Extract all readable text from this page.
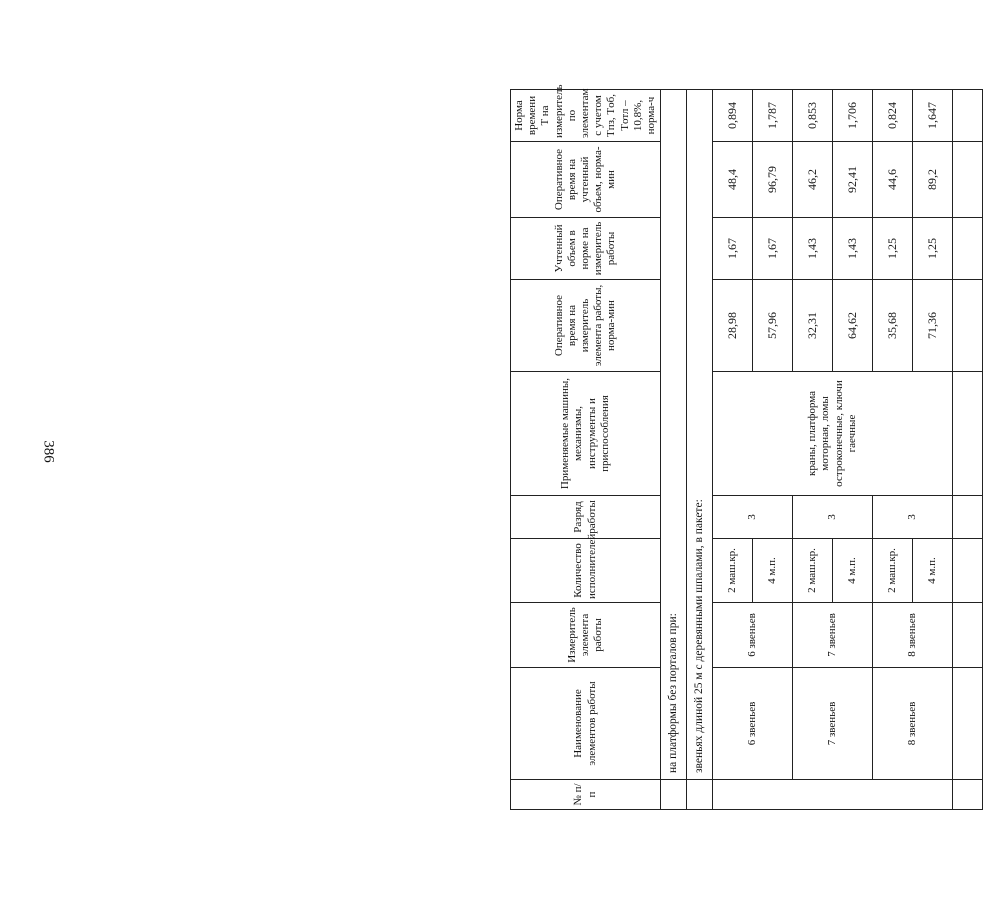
386
№ п/п	Наименование элементов работы	Измеритель элемента работы	Количество исполнителей	Разряд работы	Применяемые машины, механизмы, инструменты и приспособления	Оперативное время на измеритель элемента работы, норма-мин	Учтенный объем в норме на измеритель работы	Оперативное время на учтенный объем, норма-мин	Норма времени T на измеритель по элементам с учетом Tпз, Tоб, Tотл – 10,8%, норма-ч
	на платформы без порталов при:								
	звеньях длиной 25 м с деревянными шпалами, в пакете:								
	6 звеньев	6 звеньев	2 маш.кр.	3	краны, платформа моторная, ломы остроконечные, ключи гаечные	28,98	1,67	48,4	0,894
			4 м.п.			57,96	1,67	96,79	1,787
	7 звеньев	7 звеньев	2 маш.кр.	3		32,31	1,43	46,2	0,853
			4 м.п.			64,62	1,43	92,41	1,706
	8 звеньев	8 звеньев	2 маш.кр.	3		35,68	1,25	44,6	0,824
			4 м.п.			71,36	1,25	89,2	1,647
